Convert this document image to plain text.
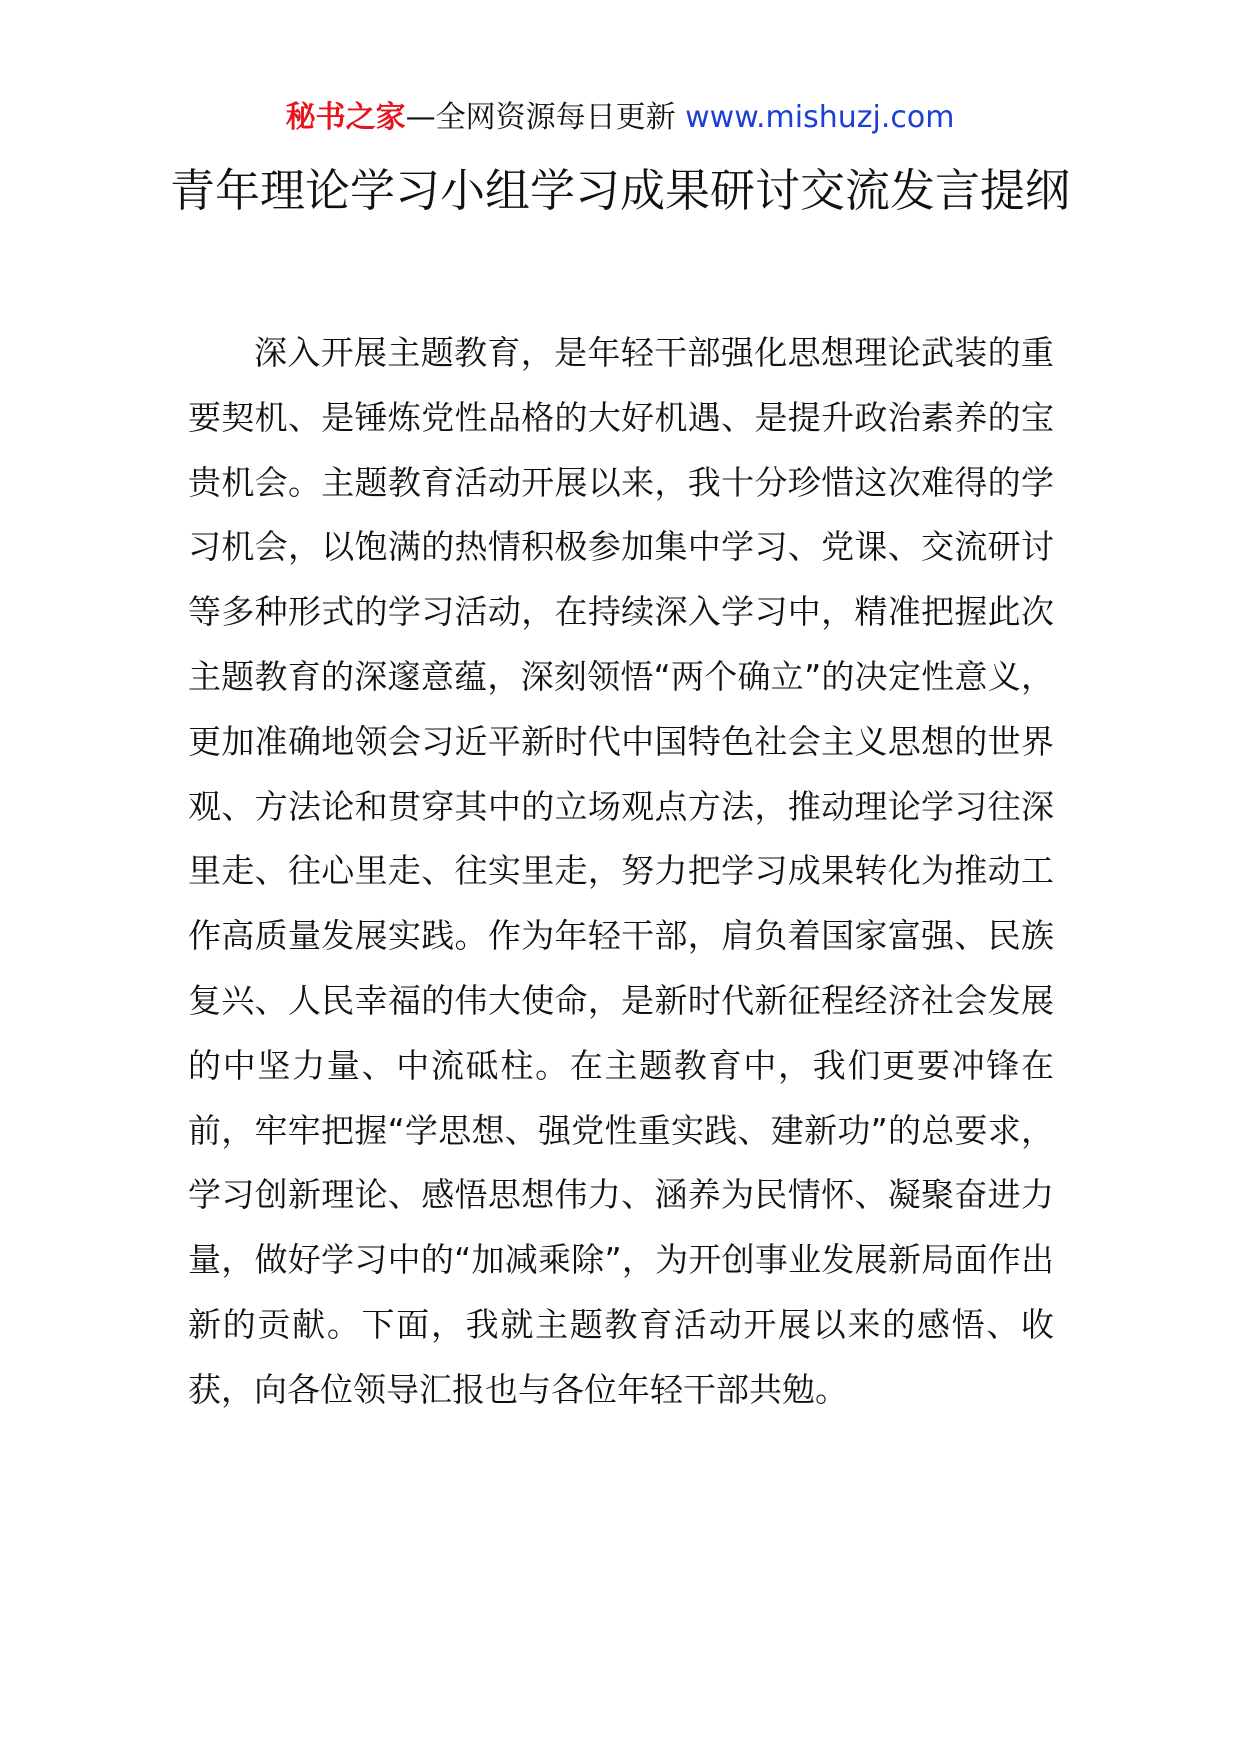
秘书之家—全网资源每日更新 www.mishuzj.com
青年理论学习小组学习成果研讨交流发言提纲

深入开展主题教育，是年轻干部强化思想理论武装的重要契机、是锤炼党性品格的大好机遇、是提升政治素养的宝贵机会。主题教育活动开展以来，我十分珍惜这次难得的学习机会，以饱满的热情积极参加集中学习、党课、交流研讨等多种形式的学习活动，在持续深入学习中，精准把握此次主题教育的深邃意蕴，深刻领悟“两个确立”的决定性意义，更加准确地领会习近平新时代中国特色社会主义思想的世界观、方法论和贯穿其中的立场观点方法，推动理论学习往深里走、往心里走、往实里走，努力把学习成果转化为推动工作高质量发展实践。作为年轻干部，肩负着国家富强、民族复兴、人民幸福的伟大使命，是新时代新征程经济社会发展的中坚力量、中流砥柱。在主题教育中，我们更要冲锋在前，牢牢把握“学思想、强党性重实践、建新功”的总要求，学习创新理论、感悟思想伟力、涵养为民情怀、凝聚奋进力量，做好学习中的“加减乘除”，为开创事业发展新局面作出新的贡献。下面，我就主题教育活动开展以来的感悟、收获，向各位领导汇报也与各位年轻干部共勉。
